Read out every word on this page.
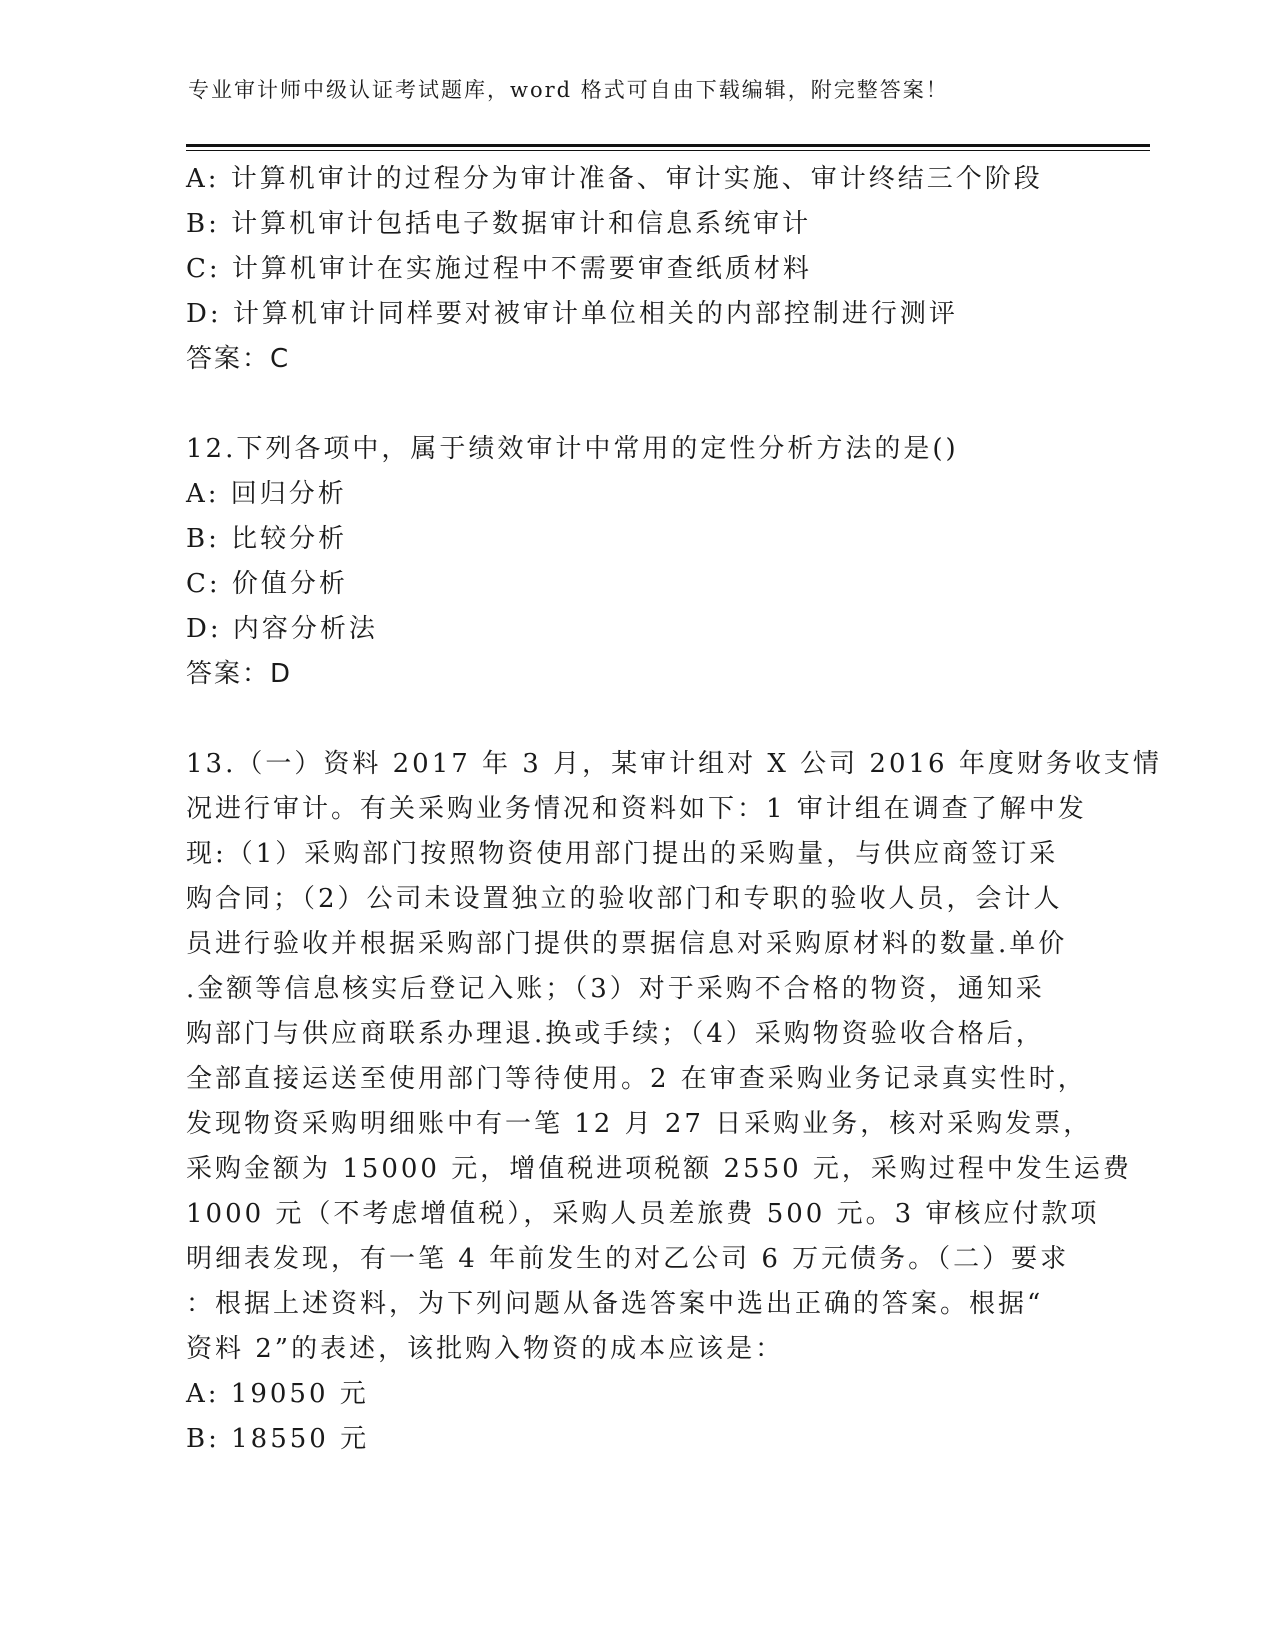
专业审计师中级认证考试题库，word 格式可自由下载编辑，附完整答案！
A: 计算机审计的过程分为审计准备、审计实施、审计终结三个阶段
B: 计算机审计包括电子数据审计和信息系统审计
C: 计算机审计在实施过程中不需要审查纸质材料
D: 计算机审计同样要对被审计单位相关的内部控制进行测评
答案：C
12.下列各项中，属于绩效审计中常用的定性分析方法的是()
A: 回归分析
B: 比较分析
C: 价值分析
D: 内容分析法
答案：D
13.（一）资料 2017 年 3 月，某审计组对 X 公司 2016 年度财务收支情
况进行审计。有关采购业务情况和资料如下：1 审计组在调查了解中发
现:（1）采购部门按照物资使用部门提出的采购量，与供应商签订采
购合同；（2）公司未设置独立的验收部门和专职的验收人员，会计人
员进行验收并根据采购部门提供的票据信息对采购原材料的数量.单价
.金额等信息核实后登记入账；（3）对于采购不合格的物资，通知采
购部门与供应商联系办理退.换或手续；（4）采购物资验收合格后，
全部直接运送至使用部门等待使用。2 在审查采购业务记录真实性时，
发现物资采购明细账中有一笔 12 月 27 日采购业务，核对采购发票，
采购金额为 15000 元，增值税进项税额 2550 元，采购过程中发生运费
1000 元（不考虑增值税），采购人员差旅费 500 元。3 审核应付款项
明细表发现，有一笔 4 年前发生的对乙公司 6 万元债务。（二）要求
：根据上述资料，为下列问题从备选答案中选出正确的答案。根据“
资料 2”的表述，该批购入物资的成本应该是：
A: 19050 元
B: 18550 元
